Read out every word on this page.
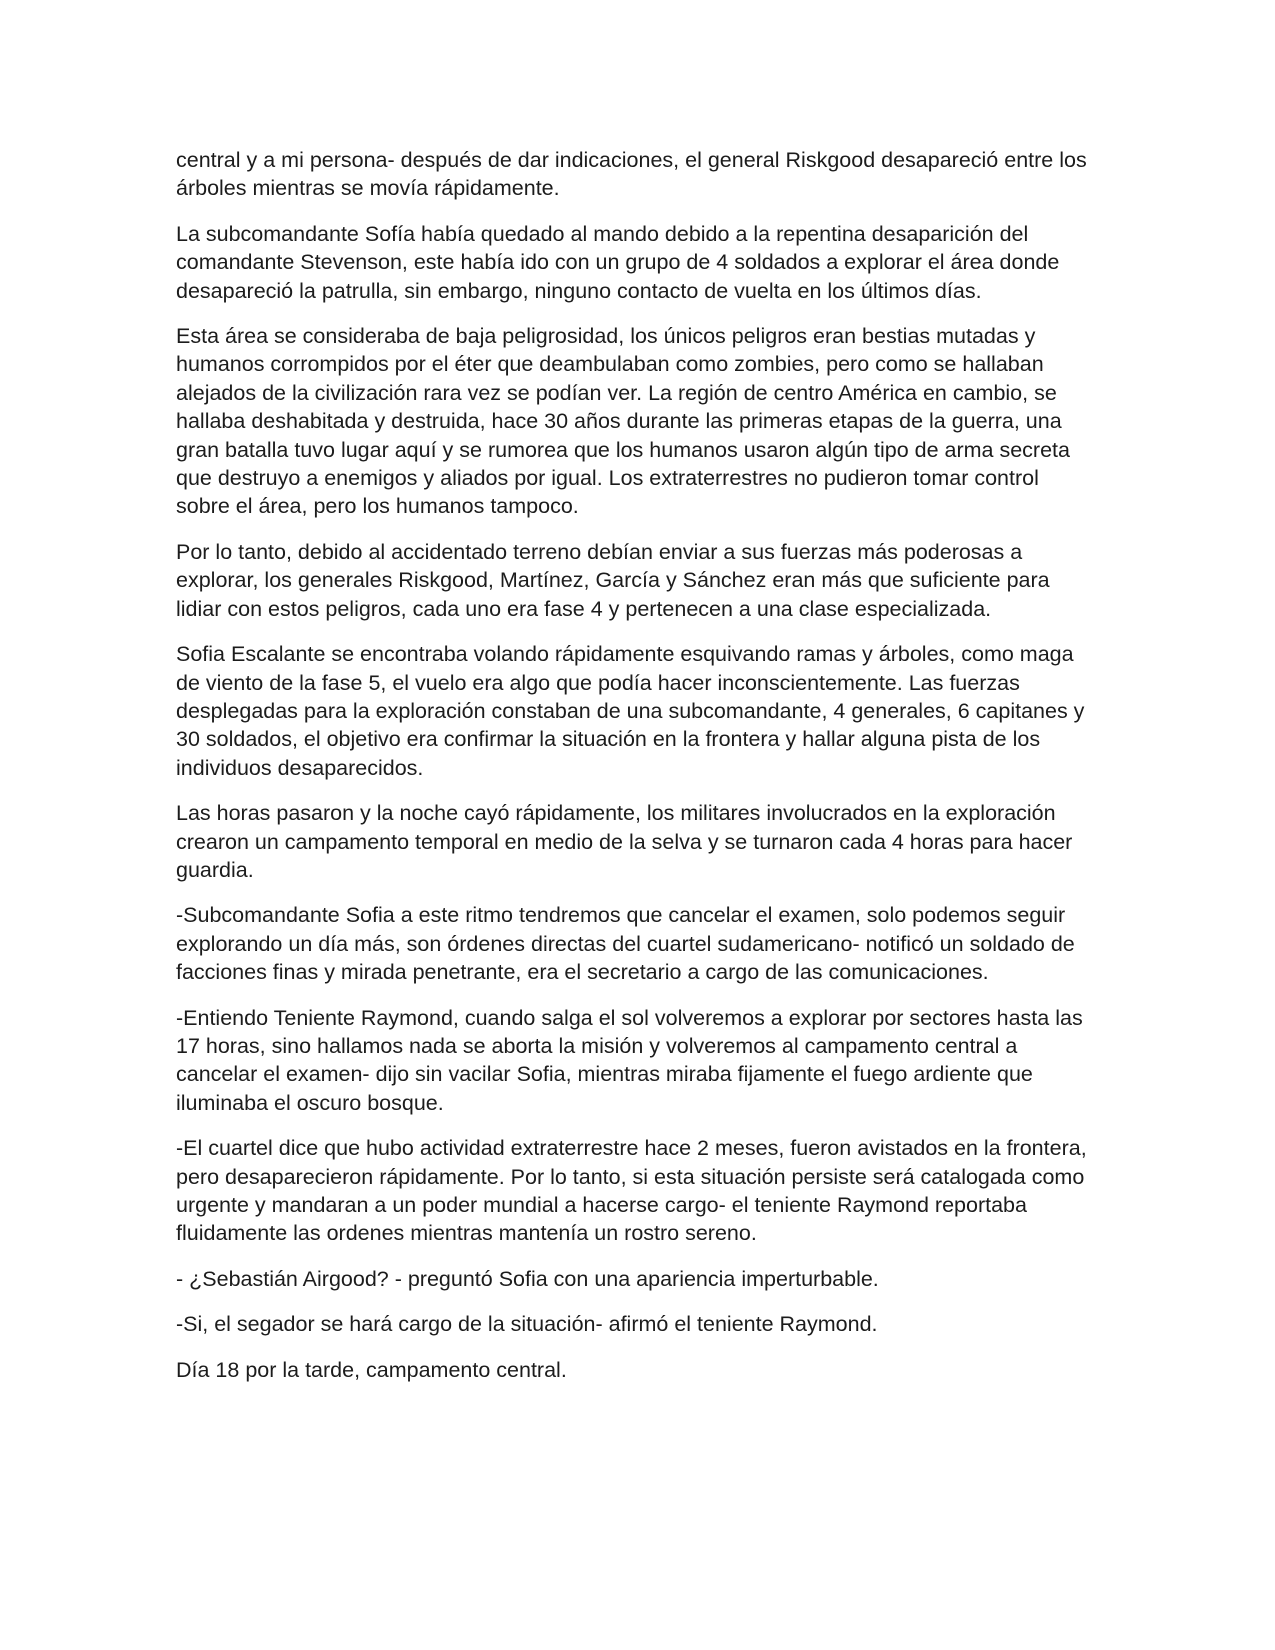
central y a mi persona- después de dar indicaciones, el general Riskgood desapareció entre los árboles mientras se movía rápidamente.

La subcomandante Sofía había quedado al mando debido a la repentina desaparición del comandante Stevenson, este había ido con un grupo de 4 soldados a explorar el área donde desapareció la patrulla, sin embargo, ninguno contacto de vuelta en los últimos días.

Esta área se consideraba de baja peligrosidad, los únicos peligros eran bestias mutadas y humanos corrompidos por el éter que deambulaban como zombies, pero como se hallaban alejados de la civilización rara vez se podían ver. La región de centro América en cambio, se hallaba deshabitada y destruida, hace 30 años durante las primeras etapas de la guerra, una gran batalla tuvo lugar aquí y se rumorea que los humanos usaron algún tipo de arma secreta que destruyo a enemigos y aliados por igual. Los extraterrestres no pudieron tomar control sobre el área, pero los humanos tampoco.

Por lo tanto, debido al accidentado terreno debían enviar a sus fuerzas más poderosas a explorar, los generales Riskgood, Martínez, García y Sánchez eran más que suficiente para lidiar con estos peligros, cada uno era fase 4 y pertenecen a una clase especializada.

Sofia Escalante se encontraba volando rápidamente esquivando ramas y árboles, como maga de viento de la fase 5, el vuelo era algo que podía hacer inconscientemente. Las fuerzas desplegadas para la exploración constaban de una subcomandante, 4 generales, 6 capitanes y 30 soldados, el objetivo era confirmar la situación en la frontera y hallar alguna pista de los individuos desaparecidos.

Las horas pasaron y la noche cayó rápidamente, los militares involucrados en la exploración crearon un campamento temporal en medio de la selva y se turnaron cada 4 horas para hacer guardia.

-Subcomandante Sofia a este ritmo tendremos que cancelar el examen, solo podemos seguir explorando un día más, son órdenes directas del cuartel sudamericano- notificó un soldado de facciones finas y mirada penetrante, era el secretario a cargo de las comunicaciones.

-Entiendo Teniente Raymond, cuando salga el sol volveremos a explorar por sectores hasta las 17 horas, sino hallamos nada se aborta la misión y volveremos al campamento central a cancelar el examen- dijo sin vacilar Sofia, mientras miraba fijamente el fuego ardiente que iluminaba el oscuro bosque.

-El cuartel dice que hubo actividad extraterrestre hace 2 meses, fueron avistados en la frontera, pero desaparecieron rápidamente. Por lo tanto, si esta situación persiste será catalogada como urgente y mandaran a un poder mundial a hacerse cargo- el teniente Raymond reportaba fluidamente las ordenes mientras mantenía un rostro sereno.

- ¿Sebastián Airgood? - preguntó Sofia con una apariencia imperturbable.

-Si, el segador se hará cargo de la situación- afirmó el teniente Raymond.

Día 18 por la tarde, campamento central.
